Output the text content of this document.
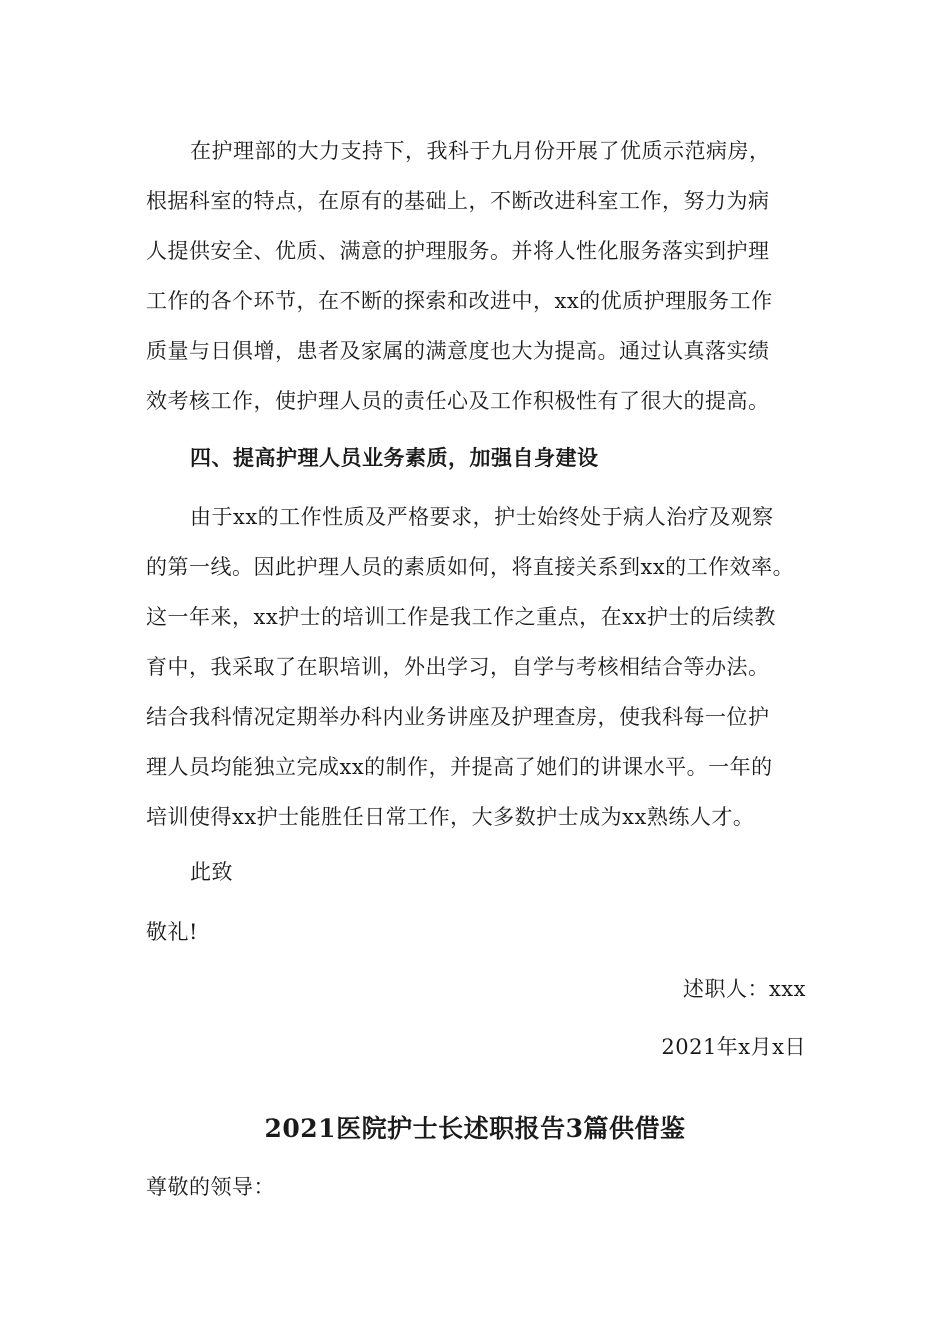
在护理部的大力支持下，我科于九月份开展了优质示范病房，
根据科室的特点，在原有的基础上，不断改进科室工作，努力为病
人提供安全、优质、满意的护理服务。并将人性化服务落实到护理
工作的各个环节，在不断的探索和改进中，xx的优质护理服务工作
质量与日俱增，患者及家属的满意度也大为提高。通过认真落实绩
效考核工作，使护理人员的责任心及工作积极性有了很大的提高。
四、提高护理人员业务素质，加强自身建设
由于xx的工作性质及严格要求，护士始终处于病人治疗及观察
的第一线。因此护理人员的素质如何，将直接关系到xx的工作效率。
这一年来，xx护士的培训工作是我工作之重点，在xx护士的后续教
育中，我采取了在职培训，外出学习，自学与考核相结合等办法。
结合我科情况定期举办科内业务讲座及护理查房，使我科每一位护
理人员均能独立完成xx的制作，并提高了她们的讲课水平。一年的
培训使得xx护士能胜任日常工作，大多数护士成为xx熟练人才。
此致
敬礼!
述职人：xxx
2021年x月x日
2021医院护士长述职报告3篇供借鉴
尊敬的领导：
